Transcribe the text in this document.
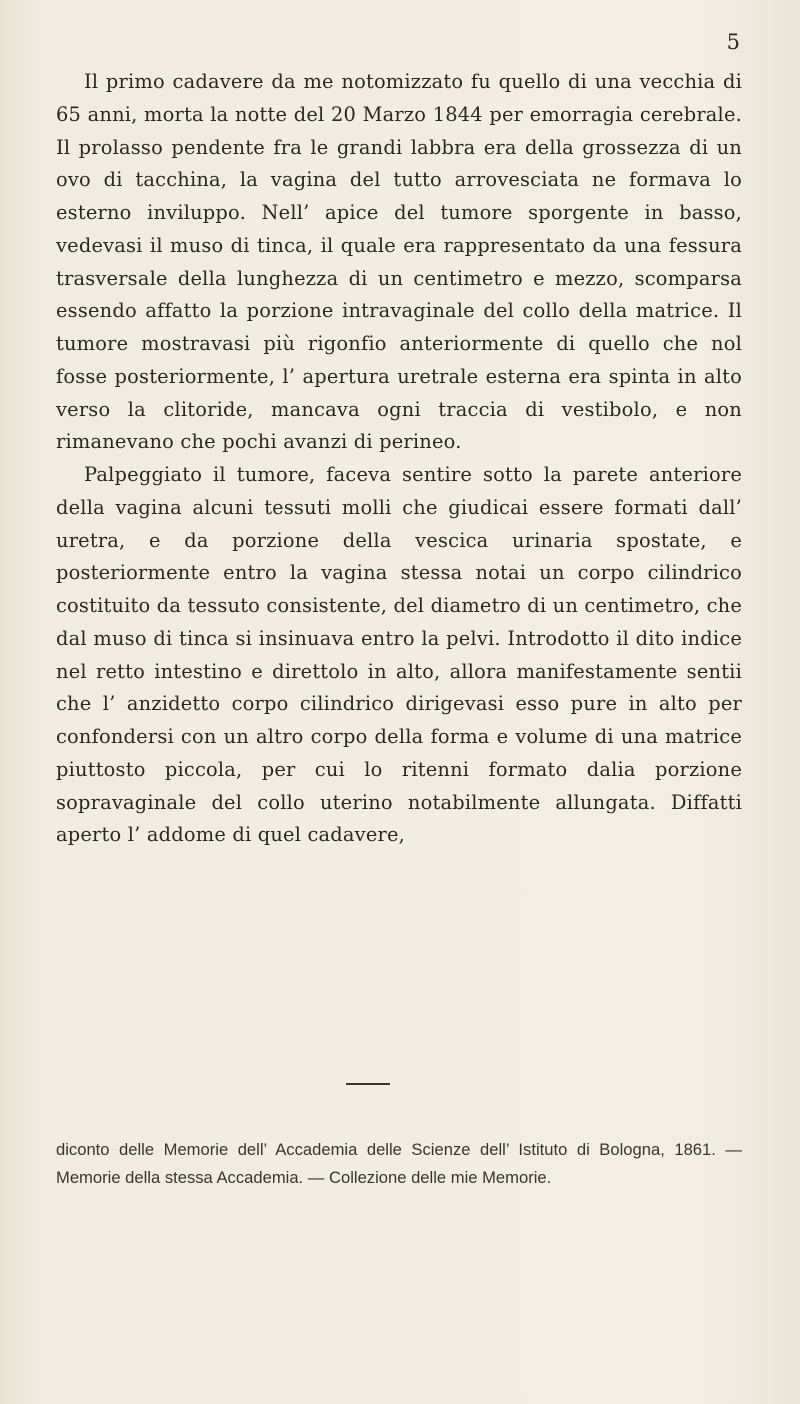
5

Il primo cadavere da me notomizzato fu quello di una vecchia di 65 anni, morta la notte del 20 Marzo 1844 per emorragia cerebrale. Il prolasso pendente fra le grandi labbra era della grossezza di un ovo di tacchina, la vagina del tutto arrovesciata ne formava lo esterno inviluppo. Nell’ apice del tumore sporgente in basso, vedevasi il muso di tinca, il quale era rappresentato da una fessura trasversale della lunghezza di un centimetro e mezzo, scomparsa essendo affatto la porzione intravaginale del collo della matrice. Il tumore mostravasi più rigonfio anteriormente di quello che nol fosse posteriormente, l’ apertura uretrale esterna era spinta in alto verso la clitoride, mancava ogni traccia di vestibolo, e non rimanevano che pochi avanzi di perineo.

Palpeggiato il tumore, faceva sentire sotto la parete anteriore della vagina alcuni tessuti molli che giudicai essere formati dall’ uretra, e da porzione della vescica urinaria spostate, e posteriormente entro la vagina stessa notai un corpo cilindrico costituito da tessuto consistente, del diametro di un centimetro, che dal muso di tinca si insinuava entro la pelvi. Introdotto il dito indice nel retto intestino e direttolo in alto, allora manifestamente sentii che l’ anzidetto corpo cilindrico dirigevasi esso pure in alto per confondersi con un altro corpo della forma e volume di una matrice piuttosto piccola, per cui lo ritenni formato dalia porzione sopravaginale del collo uterino notabilmente allungata. Diffatti aperto l’ addome di quel cadavere,

diconto delle Memorie dell’ Accademia delle Scienze dell’ Istituto di Bologna, 1861. — Memorie della stessa Accademia. — Collezione delle mie Memorie.
